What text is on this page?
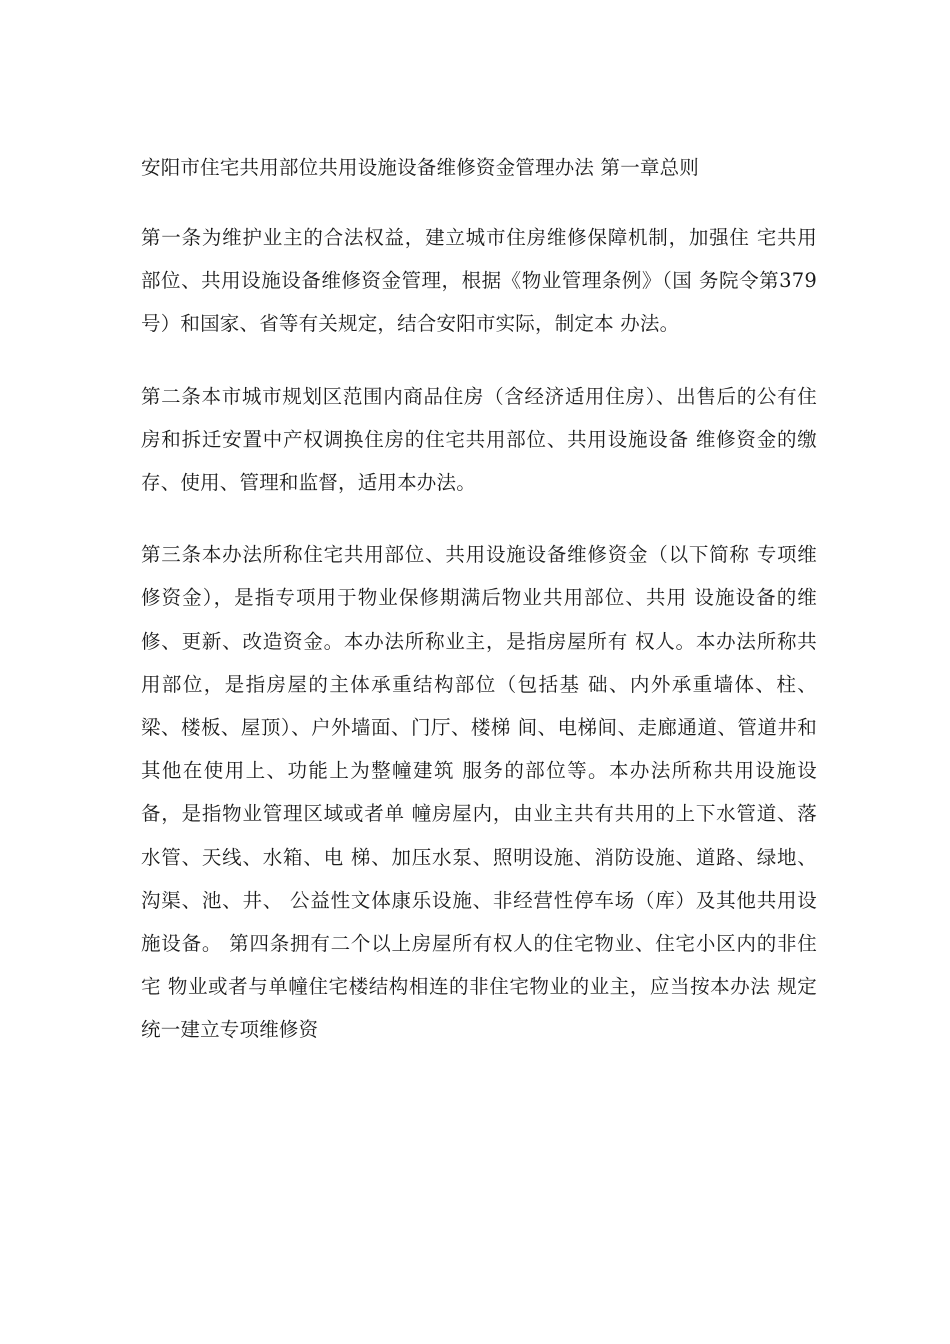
安阳市住宅共用部位共用设施设备维修资金管理办法 第一章总则

第一条为维护业主的合法权益，建立城市住房维修保障机制，加强住 宅共用部位、共用设施设备维修资金管理，根据《物业管理条例》（国 务院令第379号）和国家、省等有关规定，结合安阳市实际，制定本 办法。

第二条本市城市规划区范围内商品住房（含经济适用住房）、出售后的公有住房和拆迁安置中产权调换住房的住宅共用部位、共用设施设备 维修资金的缴存、使用、管理和监督，适用本办法。

第三条本办法所称住宅共用部位、共用设施设备维修资金（以下简称 专项维修资金），是指专项用于物业保修期满后物业共用部位、共用 设施设备的维修、更新、改造资金。本办法所称业主，是指房屋所有 权人。本办法所称共用部位，是指房屋的主体承重结构部位（包括基 础、内外承重墙体、柱、梁、楼板、屋顶）、户外墙面、门厅、楼梯 间、电梯间、走廊通道、管道井和其他在使用上、功能上为整幢建筑 服务的部位等。本办法所称共用设施设备，是指物业管理区域或者单 幢房屋内，由业主共有共用的上下水管道、落水管、天线、水箱、电 梯、加压水泵、照明设施、消防设施、道路、绿地、沟渠、池、井、 公益性文体康乐设施、非经营性停车场（库）及其他共用设施设备。 第四条拥有二个以上房屋所有权人的住宅物业、住宅小区内的非住宅 物业或者与单幢住宅楼结构相连的非住宅物业的业主，应当按本办法 规定统一建立专项维修资
